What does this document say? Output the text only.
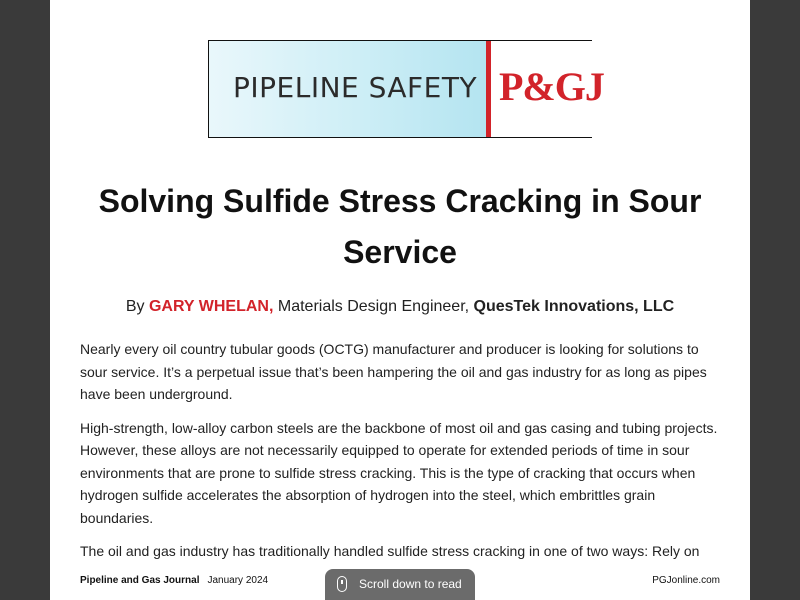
PIPELINE SAFETY P&GJ
Solving Sulfide Stress Cracking in Sour Service
By GARY WHELAN, Materials Design Engineer, QuesTek Innovations, LLC

Nearly every oil country tubular goods (OCTG) manufacturer and producer is looking for solutions to sour service. It’s a perpetual issue that’s been hampering the oil and gas industry for as long as pipes have been underground.

High-strength, low-alloy carbon steels are the backbone of most oil and gas casing and tubing projects. However, these alloys are not necessarily equipped to operate for extended periods of time in sour environments that are prone to sulfide stress cracking. This is the type of cracking that occurs when hydrogen sulfide accelerates the absorption of hydrogen into the steel, which embrittles grain boundaries.

The oil and gas industry has traditionally handled sulfide stress cracking in one of two ways: Rely on

Pipeline and Gas Journal January 2024	PGJonline.com
Scroll down to read
